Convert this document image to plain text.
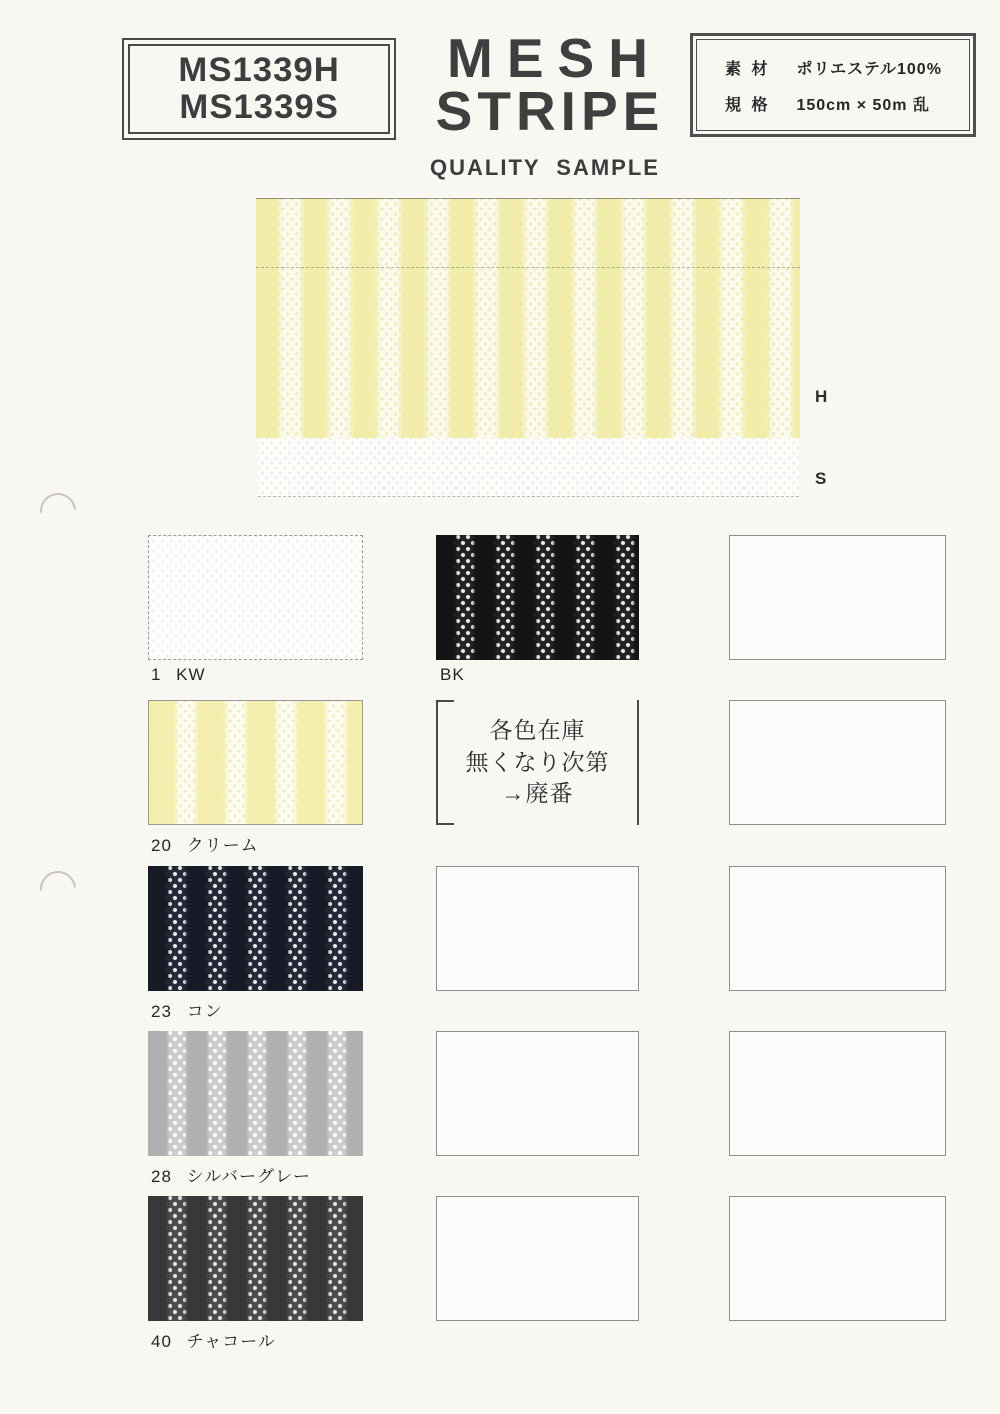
MS1339H
MS1339S
MESH
STRIPE
QUALITY SAMPLE
素 材 ポリエステル100%
規 格 150cm × 50m 乱
H
S
1 KW	BK
各色在庫
無くなり次第
→廃番
20 クリーム
23 コン
28 シルバーグレー
40 チャコール
